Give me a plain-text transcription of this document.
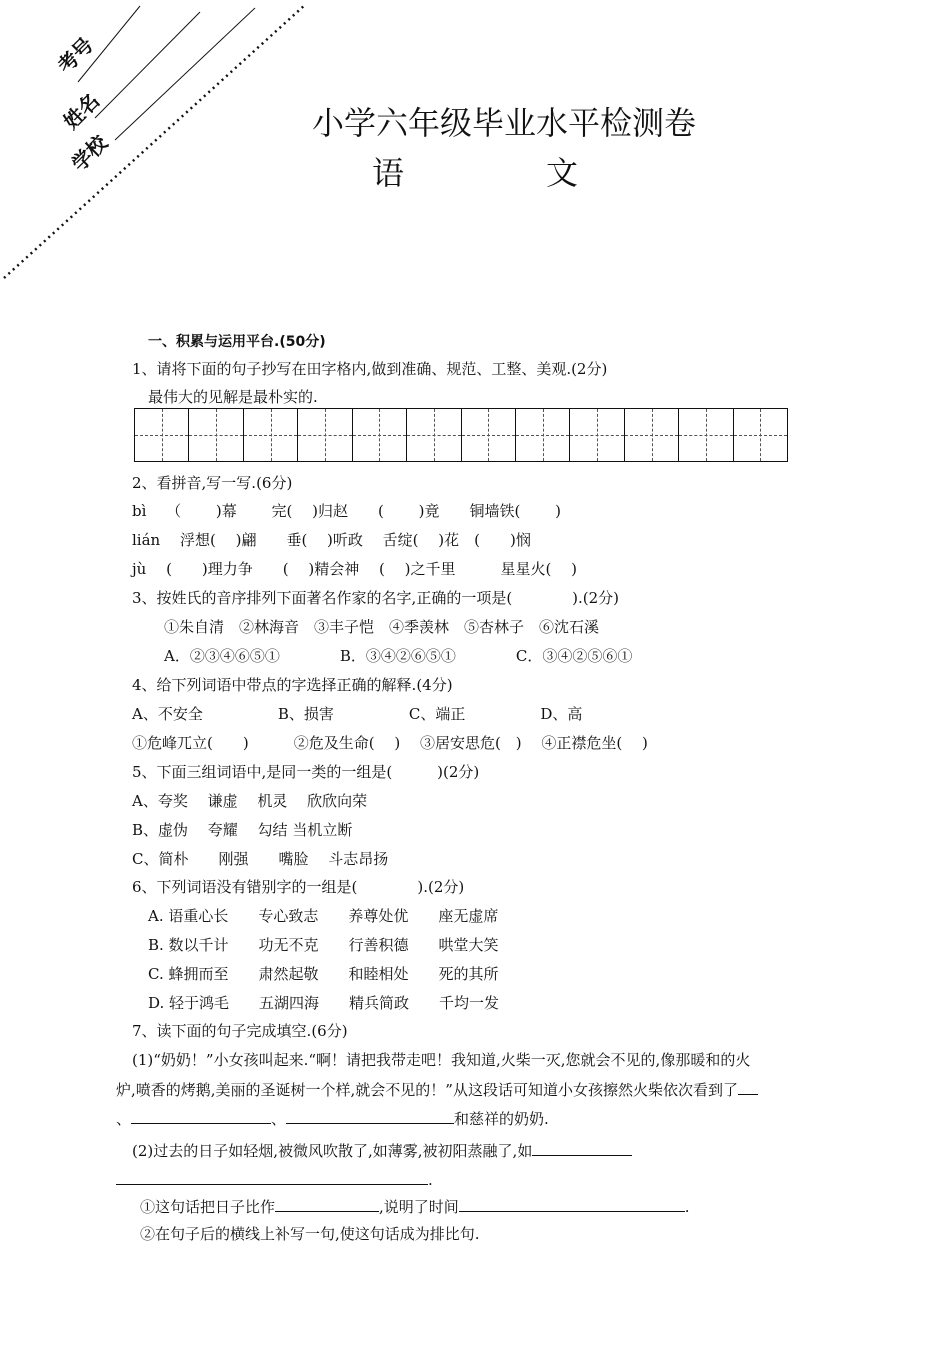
考号
姓名
学校
小学六年级毕业水平检测卷
语	文
一、积累与运用平台.(50分)
1、请将下面的句子抄写在田字格内,做到准确、规范、工整、美观.(2分)
最伟大的见解是最朴实的.
2、看拼音,写一写.(6分)
bì　 （　　 )幕　　 完(　 )归赵　　(　　 )竟　　铜墙铁(　　 )
lián　 浮想(　 )翩　　垂(　 )听政　 舌绽(　 )花　(　　)悯
jù　 (　　)理力争　　(　 )精会神　 (　 )之千里　　　星星火(　 )
3、按姓氏的音序排列下面著名作家的名字,正确的一项是(　　　　).(2分)
①朱自清　②林海音　③丰子恺　④季羡林　⑤杏林子　⑥沈石溪
A．②③④⑥⑤①　　　　B．③④②⑥⑤①　　　　C．③④②⑤⑥①
4、给下列词语中带点的字选择正确的解释.(4分)
A、不安全　　　　　B、损害　　　　　C、端正　　　　　D、高
①危峰兀立(　　)　　　②危及生命(　 )　 ③居安思危(　)　 ④正襟危坐(　 )
5、下面三组词语中,是同一类的一组是(　　　)(2分)
A、夸奖　 谦虚　 机灵　 欣欣向荣
B、虚伪　 夸耀　 勾结 当机立断
C、简朴　　刚强　　嘴脸　 斗志昂扬
6、下列词语没有错别字的一组是(　　　　).(2分)
A. 语重心长　　专心致志　　养尊处优　　座无虚席
B. 数以千计　　功无不克　　行善积德　　哄堂大笑
C. 蜂拥而至　　肃然起敬　　和睦相处　　死的其所
D. 轻于鸿毛　　五湖四海　　精兵简政　　千均一发
7、读下面的句子完成填空.(6分)
(1)“奶奶！”小女孩叫起来.“啊！请把我带走吧！我知道,火柴一灭,您就会不见的,像那暖和的火
炉,喷香的烤鹅,美丽的圣诞树一个样,就会不见的！”从这段话可知道小女孩擦然火柴依次看到了
、	、	和慈祥的奶奶.
(2)过去的日子如轻烟,被微风吹散了,如薄雾,被初阳蒸融了,如
.
①这句话把日子比作	,说明了时间	.
②在句子后的横线上补写一句,使这句话成为排比句.
